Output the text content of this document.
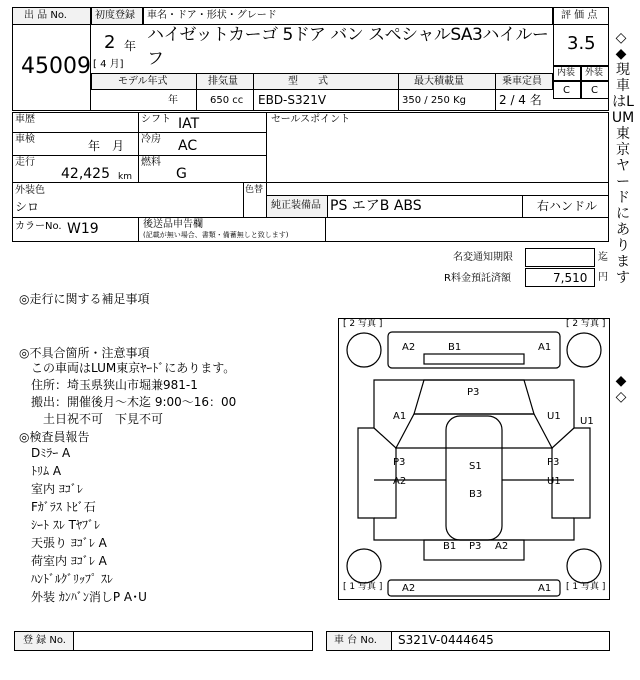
出 品 No.
45009
初度登録
2 年
[ 4 月]
車名・ドア・形状・グレード
ハイゼットカーゴ 5ドア バン スペシャルSA3ハイルー
フ
評 価 点
3.5
内装 外装
C C
モデル年式	排気量	型　　式	最大積載量	乗車定員
年	650 cc EBD-S321V	350 / 250 Kg	2 / 4 名
車歴	シフト IAT
車検	年　月 冷房 AC
走行
42,425 km
燃料
G
セールスポイント
外装色
シロ
色替
純正装備品 PS エアB ABS	右ハンドル
カラーNo. W19	後送品申告欄
(記載が無い場合、書類・備蓄無しと致します)
名変通知期限	迄
R料金預託済額	7,510 円
◎走行に関する補足事項
◎不具合箇所・注意事項
　この車両はLUM東京ﾔｰﾄﾞにあります。
　住所：埼玉県狭山市堀兼981-1
　搬出：開催後月～木迄 9:00～16：00
　　土日祝不可　下見不可
◎検査員報告
　Dﾐﾗｰ A
　ﾄﾘﾑ A
　室内 ﾖｺﾞﾚ
　Fｶﾞﾗｽ ﾄﾋﾞ石
　ｼｰﾄ ｽﾚ Tﾔﾌﾞﾚ
　天張り ﾖｺﾞﾚ A
　荷室内 ﾖｺﾞﾚ A
　ﾊﾝﾄﾞﾙｸﾞﾘｯﾌﾟ ｽﾚ
　外装 ｶﾝﾊﾞﾝ消しP A･U
[ 2 写真 ]	[ 2 写真 ]
[ 1 写真 ]	[ 1 写真 ]
A2	B1	A1
P3
A1	U1 U1
P3	S1	P3
A2	U1
B3
B1 P3 A2
A2	A1
登 録 No.	車 台 No. S321V-0444645
◇◆
現車はLUM東京ヤードにあります
◆◇
